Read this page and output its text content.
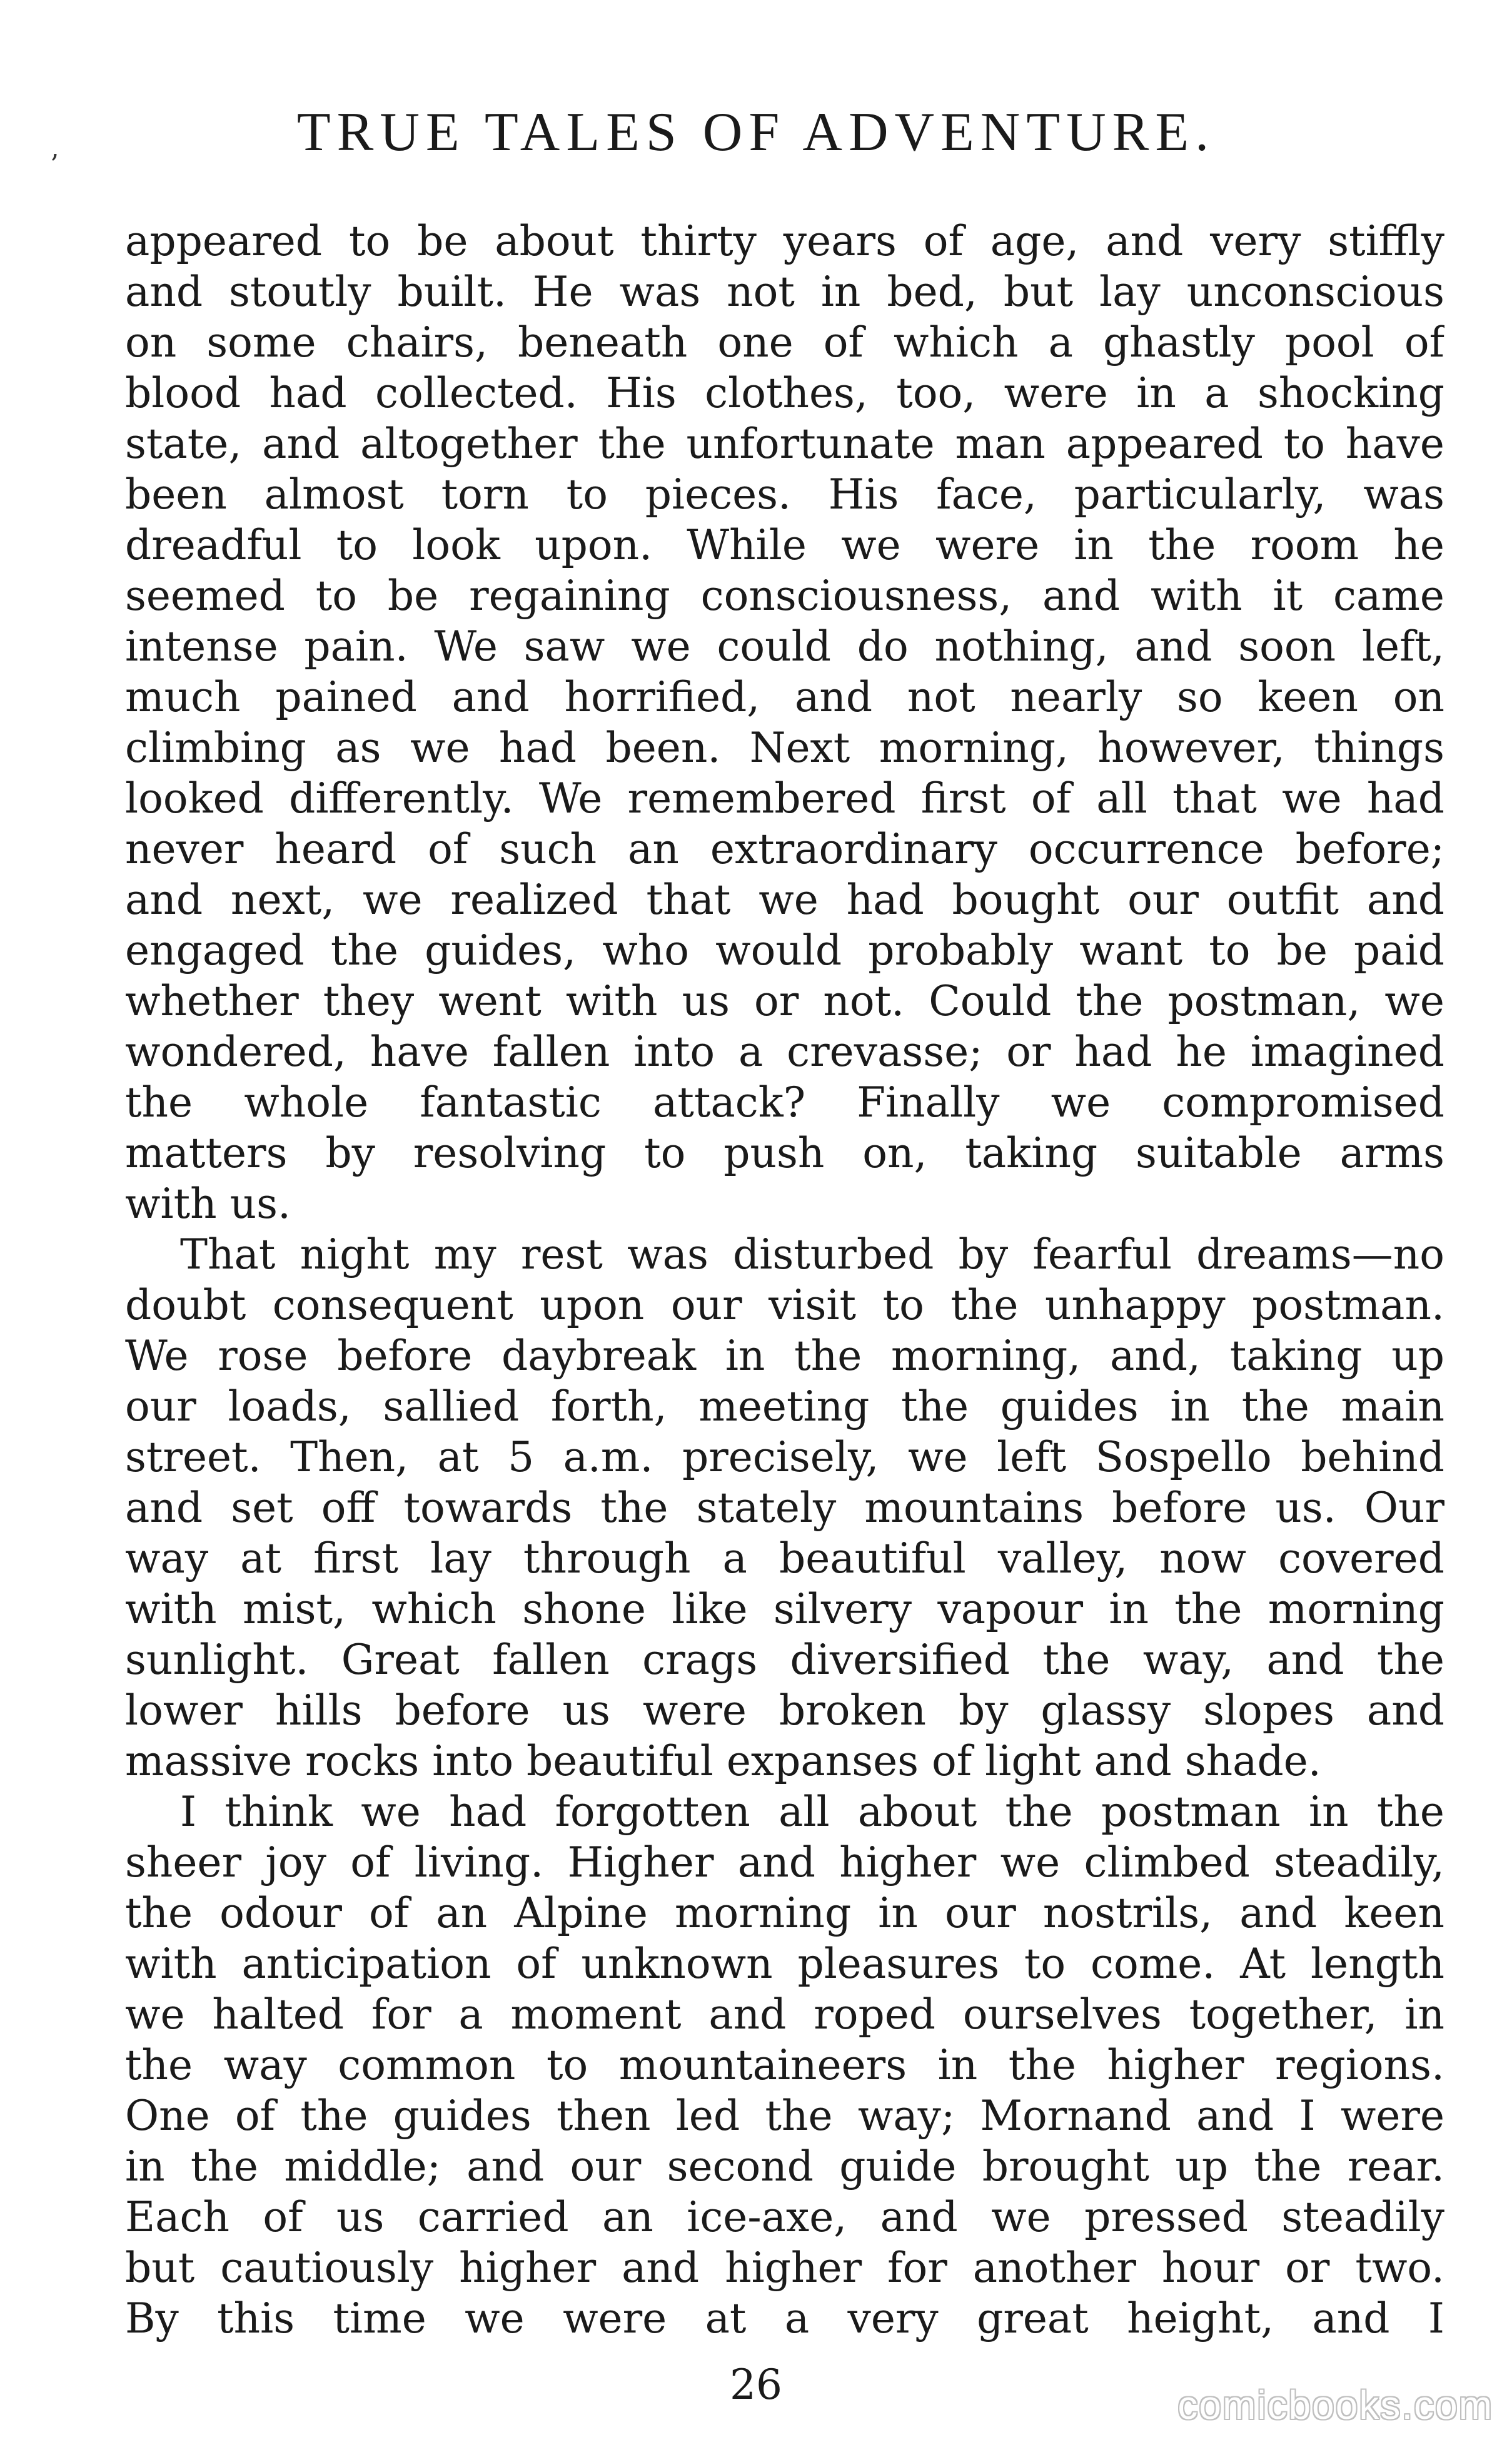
’
TRUE TALES OF ADVENTURE.
appeared to be about thirty years of age, and very stiffly
and stoutly built. He was not in bed, but lay unconscious
on some chairs, beneath one of which a ghastly pool of
blood had collected. His clothes, too, were in a shocking
state, and altogether the unfortunate man appeared to have
been almost torn to pieces. His face, particularly, was
dreadful to look upon. While we were in the room he
seemed to be regaining consciousness, and with it came
intense pain. We saw we could do nothing, and soon left,
much pained and horrified, and not nearly so keen on
climbing as we had been. Next morning, however, things
looked differently. We remembered first of all that we had
never heard of such an extraordinary occurrence before;
and next, we realized that we had bought our outfit and
engaged the guides, who would probably want to be paid
whether they went with us or not. Could the postman, we
wondered, have fallen into a crevasse; or had he imagined
the whole fantastic attack? Finally we compromised
matters by resolving to push on, taking suitable arms
with us.
That night my rest was disturbed by fearful dreams—no
doubt consequent upon our visit to the unhappy postman.
We rose before daybreak in the morning, and, taking up
our loads, sallied forth, meeting the guides in the main
street. Then, at 5 a.m. precisely, we left Sospello behind
and set off towards the stately mountains before us. Our
way at first lay through a beautiful valley, now covered
with mist, which shone like silvery vapour in the morning
sunlight. Great fallen crags diversified the way, and the
lower hills before us were broken by glassy slopes and
massive rocks into beautiful expanses of light and shade.
I think we had forgotten all about the postman in the
sheer joy of living. Higher and higher we climbed steadily,
the odour of an Alpine morning in our nostrils, and keen
with anticipation of unknown pleasures to come. At length
we halted for a moment and roped ourselves together, in
the way common to mountaineers in the higher regions.
One of the guides then led the way; Mornand and I were
in the middle; and our second guide brought up the rear.
Each of us carried an ice-axe, and we pressed steadily
but cautiously higher and higher for another hour or two.
By this time we were at a very great height, and I
26	comicbooks.com
